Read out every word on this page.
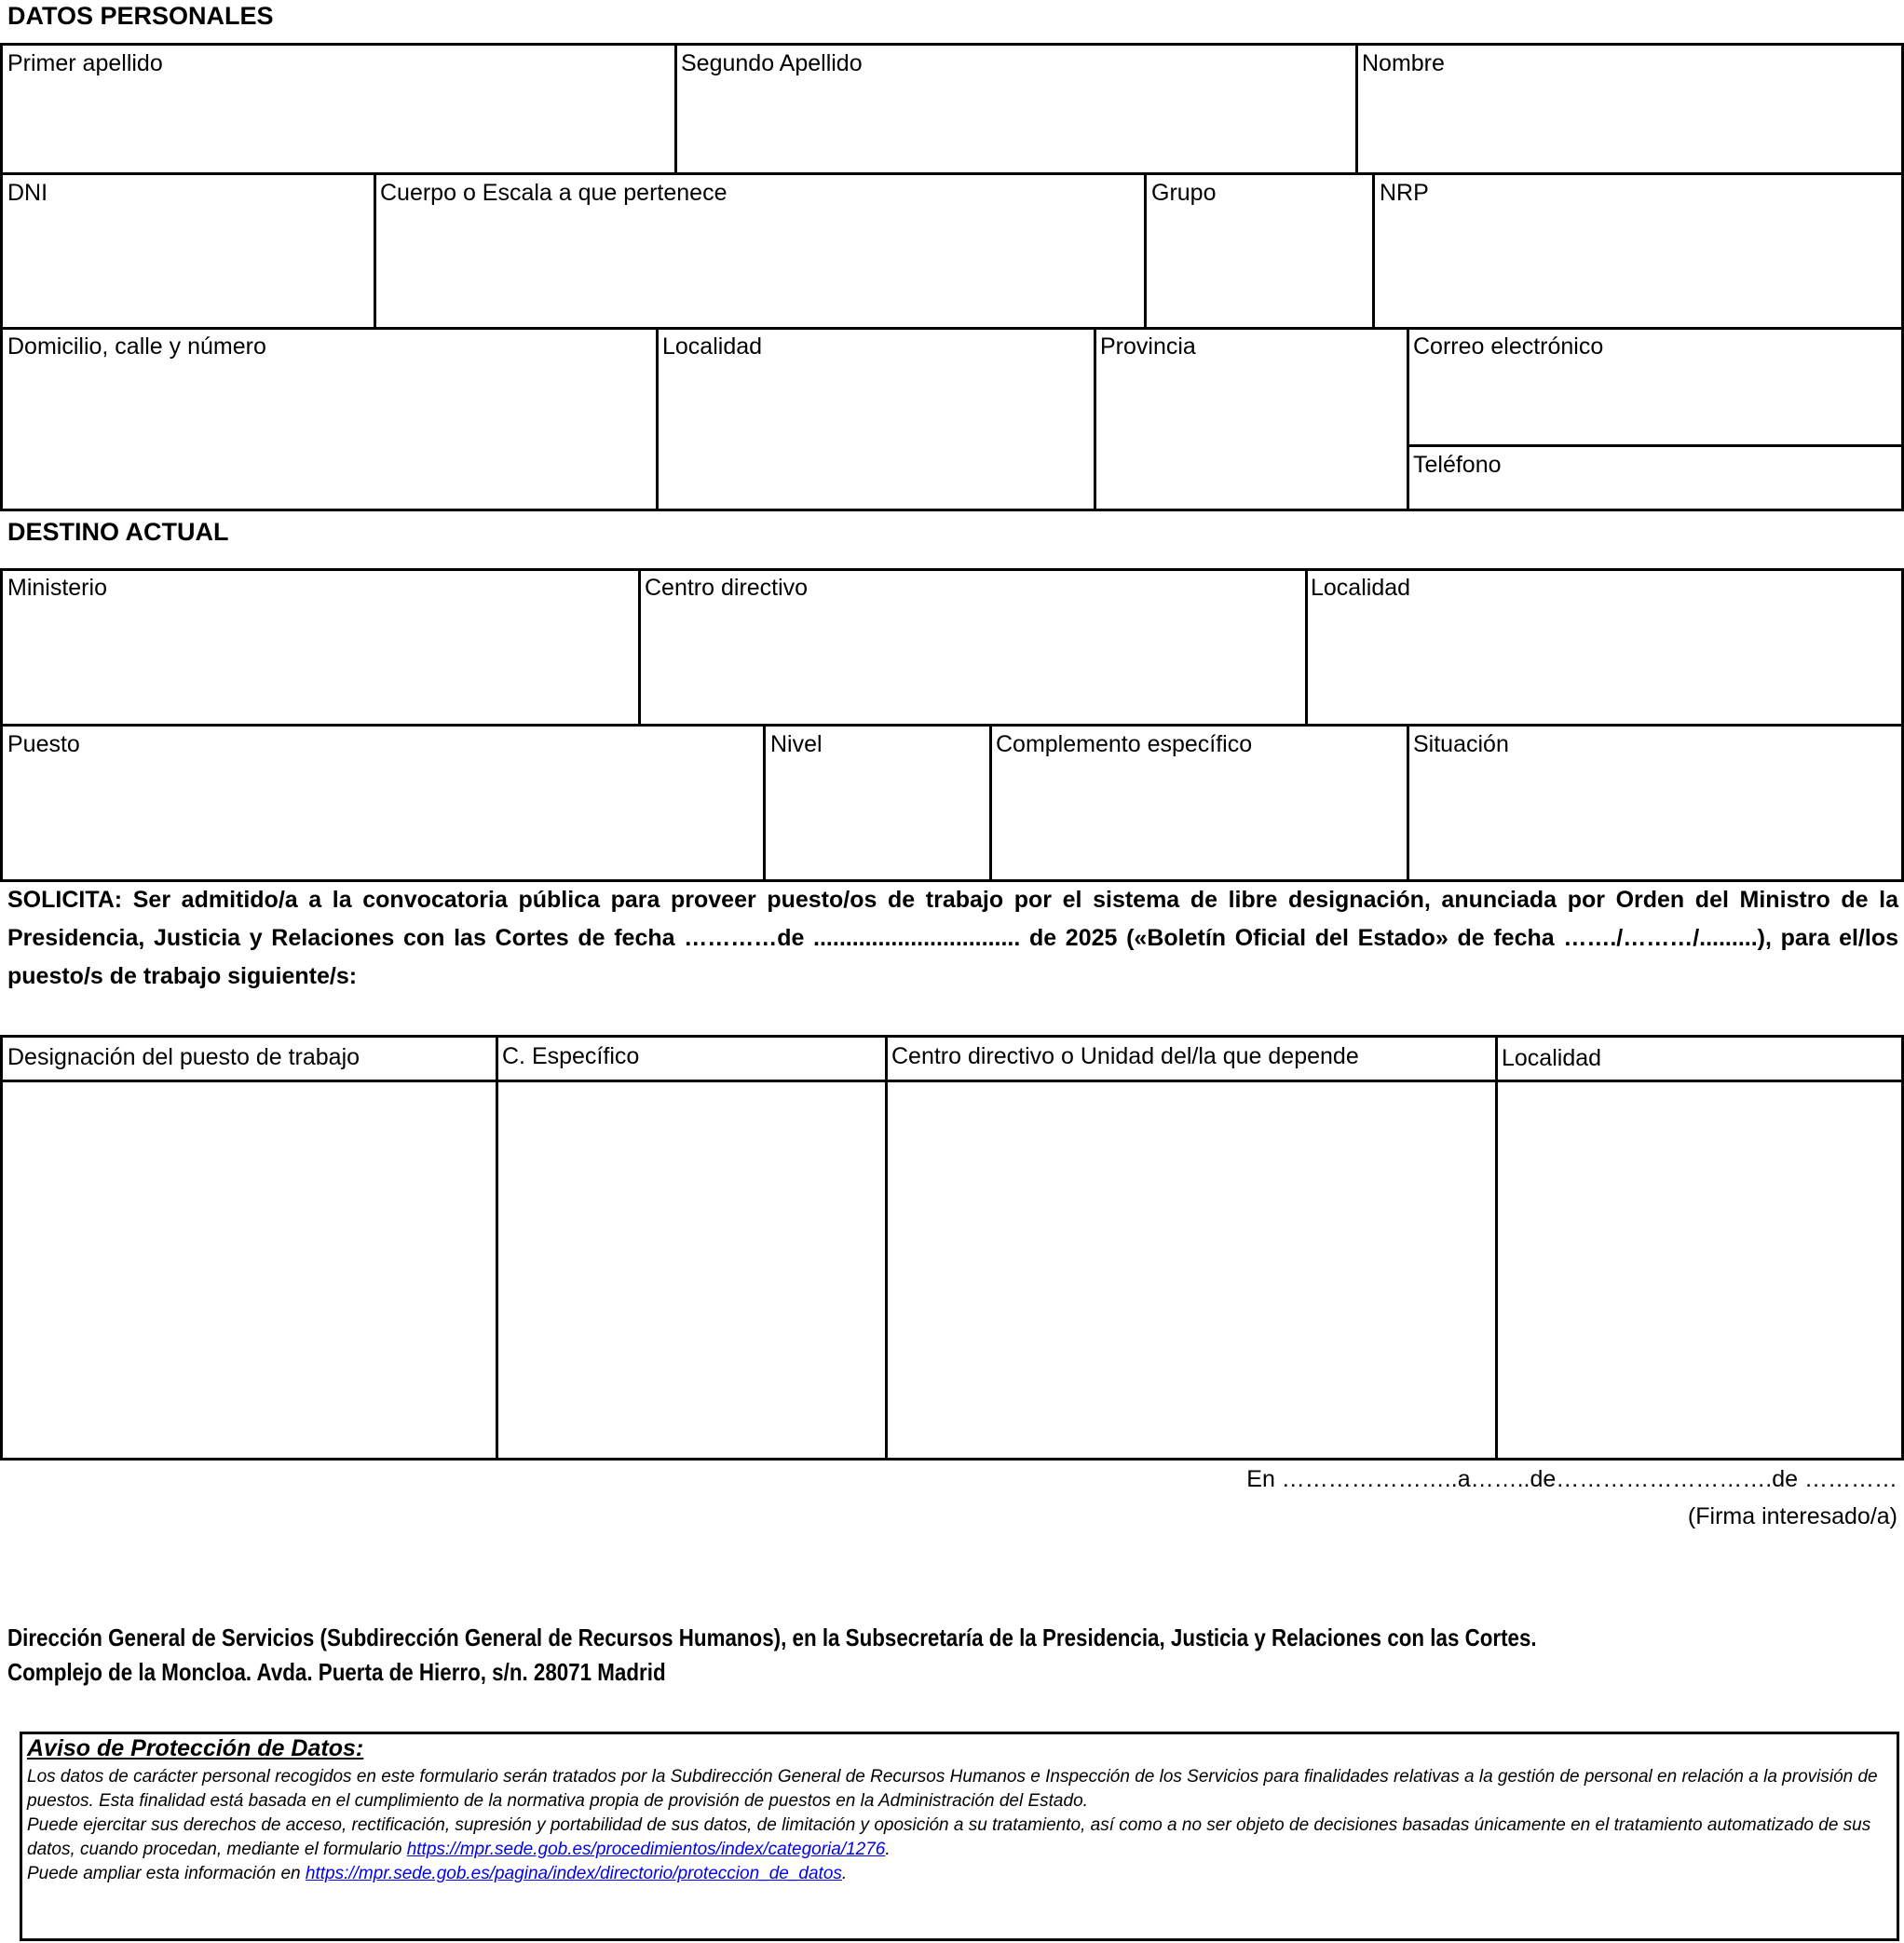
DATOS PERSONALES
Primer apellido	Segundo Apellido	Nombre
DNI	Cuerpo o Escala a que pertenece	Grupo	NRP
Domicilio, calle y número	Localidad	Provincia	Correo electrónico
Teléfono
DESTINO ACTUAL
Ministerio	Centro directivo	Localidad
Puesto	Nivel	Complemento específico	Situación
SOLICITA: Ser admitido/a a la convocatoria pública para proveer puesto/os de trabajo por el sistema de libre designación, anunciada por Orden del Ministro de la Presidencia, Justicia y Relaciones con las Cortes de fecha …………de ................................ de 2025 («Boletín Oficial del Estado» de fecha ……./………/.........), para el/los puesto/s de trabajo siguiente/s:
Designación del puesto de trabajo	C. Específico	Centro directivo o Unidad del/la que depende	Localidad
En …………………..a……..de……………………….de …………
(Firma interesado/a)
Dirección General de Servicios (Subdirección General de Recursos Humanos), en la Subsecretaría de la Presidencia, Justicia y Relaciones con las Cortes.
Complejo de la Moncloa. Avda. Puerta de Hierro, s/n. 28071 Madrid
Aviso de Protección de Datos:
Los datos de carácter personal recogidos en este formulario serán tratados por la Subdirección General de Recursos Humanos e Inspección de los Servicios para finalidades relativas a la gestión de personal en relación a la provisión de puestos. Esta finalidad está basada en el cumplimiento de la normativa propia de provisión de puestos en la Administración del Estado.
Puede ejercitar sus derechos de acceso, rectificación, supresión y portabilidad de sus datos, de limitación y oposición a su tratamiento, así como a no ser objeto de decisiones basadas únicamente en el tratamiento automatizado de sus datos, cuando procedan, mediante el formulario https://mpr.sede.gob.es/procedimientos/index/categoria/1276.
Puede ampliar esta información en https://mpr.sede.gob.es/pagina/index/directorio/proteccion_de_datos.
